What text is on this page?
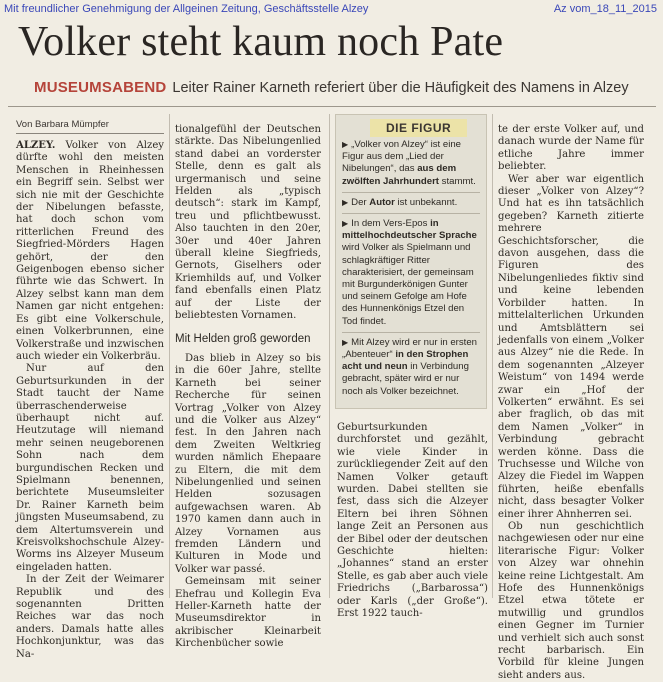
Mit freundlicher Genehmigung der Allgeinen Zeitung, Geschäftsstelle Alzey	Az vom_18_11_2015
Volker steht kaum noch Pate
MUSEUMSABEND Leiter Rainer Karneth referiert über die Häufigkeit des Namens in Alzey
Von Barbara Mümpfer

ALZEY. Volker von Alzey dürfte wohl den meisten Menschen in Rheinhessen ein Begriff sein. Selbst wer sich nie mit der Geschichte der Nibelungen befasste, hat doch schon vom ritterlichen Freund des Siegfried-Mörders Hagen gehört, der den Geigenbogen ebenso sicher führte wie das Schwert. In Alzey selbst kann man dem Namen gar nicht entgehen: Es gibt eine Volkerschule, einen Volkerbrunnen, eine Volkerstraße und inzwischen auch wieder ein Volkerbräu.

Nur auf den Geburtsurkunden in der Stadt taucht der Name überraschenderweise überhaupt nicht auf. Heutzutage will niemand mehr seinen neugeborenen Sohn nach dem burgundischen Recken und Spielmann benennen, berichtete Museumsleiter Dr. Rainer Karneth beim jüngsten Museumsabend, zu dem Altertumsverein und Kreisvolkshochschule Alzey-Worms ins Alzeyer Museum eingeladen hatten.

In der Zeit der Weimarer Republik und des sogenannten Dritten Reiches war das noch anders. Damals hatte alles Hochkonjunktur, was das Na-

tionalgefühl der Deutschen stärkte. Das Nibelungenlied stand dabei an vorderster Stelle, denn es galt als urgermanisch und seine Helden als „typisch deutsch“: stark im Kampf, treu und pflichtbewusst. Also tauchten in den 20er, 30er und 40er Jahren überall kleine Siegfrieds, Gernots, Giselhers oder Kriemhilds auf, und Volker fand ebenfalls einen Platz auf der Liste der beliebtesten Vornamen.

Mit Helden groß geworden

Das blieb in Alzey so bis in die 60er Jahre, stellte Karneth bei seiner Recherche für seinen Vortrag „Volker von Alzey und die Volker aus Alzey“ fest. In den Jahren nach dem Zweiten Weltkrieg wurden nämlich Ehepaare zu Eltern, die mit dem Nibelungenlied und seinen Helden sozusagen aufgewachsen waren. Ab 1970 kamen dann auch in Alzey Vornamen aus fremden Ländern und Kulturen in Mode und Volker war passé.

Gemeinsam mit seiner Ehefrau und Kollegin Eva Heller-Karneth hatte der Museumsdirektor in akribischer Kleinarbeit Kirchenbücher sowie

DIE FIGUR

▶ „Volker von Alzey“ ist eine Figur aus dem „Lied der Nibelungen“, das aus dem zwölften Jahrhundert stammt.

▶ Der Autor ist unbekannt.

▶ In dem Vers-Epos in mittelhochdeutscher Sprache wird Volker als Spielmann und schlagkräftiger Ritter charakterisiert, der gemeinsam mit Burgunderkönigen Gunter und seinem Gefolge am Hofe des Hunnenkönigs Etzel den Tod findet.

▶ Mit Alzey wird er nur in ersten „Abenteuer“ in den Strophen acht und neun in Verbindung gebracht, später wird er nur noch als Volker bezeichnet.

Geburtsurkunden durchforstet und gezählt, wie viele Kinder in zurückliegender Zeit auf den Namen Volker getauft wurden. Dabei stellten sie fest, dass sich die Alzeyer Eltern bei ihren Söhnen lange Zeit an Personen aus der Bibel oder der deutschen Geschichte hielten: „Johannes“ stand an erster Stelle, es gab aber auch viele Friedrichs („Barbarossa“) oder Karls („der Große“). Erst 1922 tauch-

te der erste Volker auf, und danach wurde der Name für etliche Jahre immer beliebter.

Wer aber war eigentlich dieser „Volker von Alzey“? Und hat es ihn tatsächlich gegeben? Karneth zitierte mehrere Geschichtsforscher, die davon ausgehen, dass die Figuren des Nibelungenliedes fiktiv sind und keine lebenden Vorbilder hatten. In mittelalterlichen Urkunden und Amtsblättern sei jedenfalls von einem „Volker aus Alzey“ nie die Rede. In dem sogenannten „Alzeyer Weistum“ von 1494 werde zwar ein „Hof der Volkerten“ erwähnt. Es sei aber fraglich, ob das mit dem Namen „Volker“ in Verbindung gebracht werden könne. Dass die Truchsesse und Wilche von Alzey die Fiedel im Wappen führten, heiße ebenfalls nicht, dass besagter Volker einer ihrer Ahnherren sei.

Ob nun geschichtlich nachgewiesen oder nur eine literarische Figur: Volker von Alzey war ohnehin keine reine Lichtgestalt. Am Hofe des Hunnenkönigs Etzel etwa tötete er mutwillig und grundlos einen Gegner im Turnier und verhielt sich auch sonst recht barbarisch. Ein Vorbild für kleine Jungen sieht anders aus.
